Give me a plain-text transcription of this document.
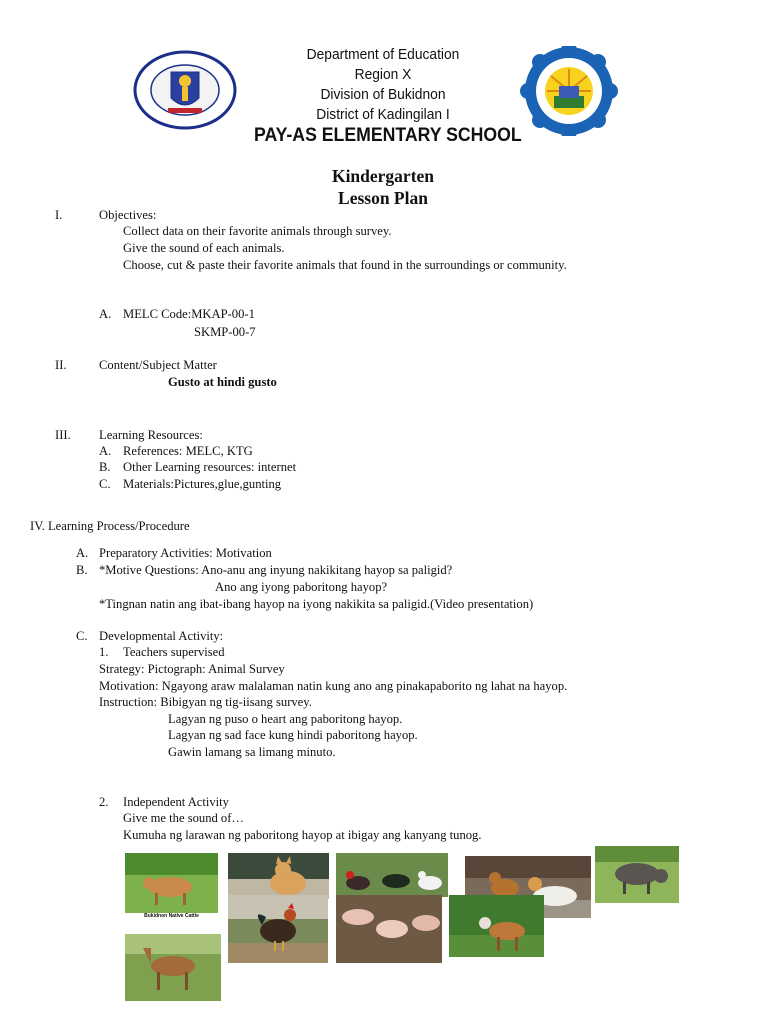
Department of Education
Region X
Division of Bukidnon
District of Kadingilan I
PAY-AS ELEMENTARY SCHOOL
Kindergarten
Lesson Plan
I.	Objectives:
Collect data on their favorite animals through survey.
Give the sound of each animals.
Choose, cut & paste their favorite animals that found in the surroundings or community.
A. MELC Code:MKAP-00-1
SKMP-00-7
II.	Content/Subject Matter
Gusto at hindi gusto
III. Learning Resources:
A. References: MELC, KTG
B. Other Learning resources: internet
C. Materials:Pictures,glue,gunting
IV. Learning Process/Procedure
A. Preparatory Activities: Motivation
B. *Motive Questions: Ano-anu ang inyung nakikitang hayop sa paligid?
Ano ang iyong paboritong hayop?
*Tingnan natin ang ibat-ibang hayop na iyong nakikita sa paligid.(Video presentation)
C. Developmental Activity:
1. Teachers supervised
Strategy: Pictograph: Animal Survey
Motivation: Ngayong araw malalaman natin kung ano ang pinakapaborito ng lahat na hayop.
Instruction: Bibigyan ng tig-iisang survey.
Lagyan ng puso o heart ang paboritong hayop.
Lagyan ng sad face kung hindi paboritong hayop.
Gawin lamang sa limang minuto.
2. Independent Activity
Give me the sound of…
Kumuha ng larawan ng paboritong hayop at ibigay ang kanyang tunog.
Bukidnon Native Cattle
